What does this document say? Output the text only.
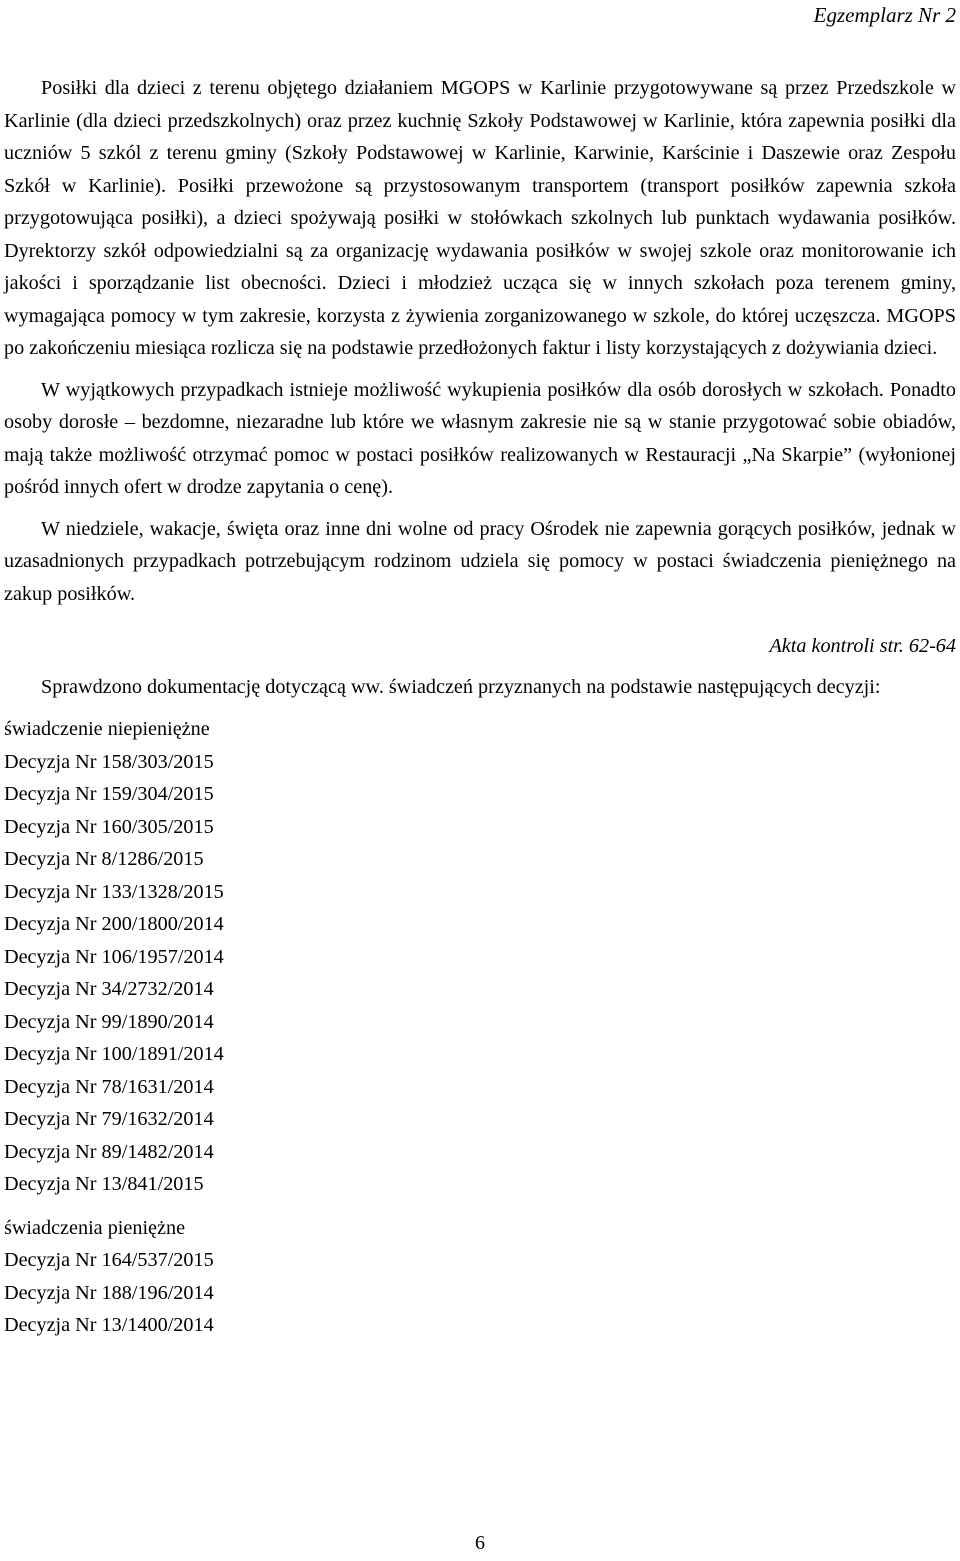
Egzemplarz Nr 2

Posiłki dla dzieci z terenu objętego działaniem MGOPS w Karlinie przygotowywane są przez Przedszkole w Karlinie (dla dzieci przedszkolnych) oraz przez kuchnię Szkoły Podstawowej w Karlinie, która zapewnia posiłki dla uczniów 5 szkól z terenu gminy (Szkoły Podstawowej w Karlinie, Karwinie, Karścinie i Daszewie oraz Zespołu Szkół w Karlinie). Posiłki przewożone są przystosowanym transportem (transport posiłków zapewnia szkoła przygotowująca posiłki), a dzieci spożywają posiłki w stołówkach szkolnych lub punktach wydawania posiłków. Dyrektorzy szkół odpowiedzialni są za organizację wydawania posiłków w swojej szkole oraz monitorowanie ich jakości i sporządzanie list obecności. Dzieci i młodzież ucząca się w innych szkołach poza terenem gminy, wymagająca pomocy w tym zakresie, korzysta z żywienia zorganizowanego w szkole, do której uczęszcza. MGOPS po zakończeniu miesiąca rozlicza się na podstawie przedłożonych faktur i listy korzystających z dożywiania dzieci.

W wyjątkowych przypadkach istnieje możliwość wykupienia posiłków dla osób dorosłych w szkołach. Ponadto osoby dorosłe – bezdomne, niezaradne lub które we własnym zakresie nie są w stanie przygotować sobie obiadów, mają także możliwość otrzymać pomoc w postaci posiłków realizowanych w Restauracji „Na Skarpie” (wyłonionej pośród innych ofert w drodze zapytania o cenę).

W niedziele, wakacje, święta oraz inne dni wolne od pracy Ośrodek nie zapewnia gorących posiłków, jednak w uzasadnionych przypadkach potrzebującym rodzinom udziela się pomocy w postaci świadczenia pieniężnego na zakup posiłków.

Akta kontroli str. 62-64

Sprawdzono dokumentację dotyczącą ww. świadczeń przyznanych na podstawie następujących decyzji:

świadczenie niepieniężne

Decyzja Nr 158/303/2015
Decyzja Nr 159/304/2015
Decyzja Nr 160/305/2015
Decyzja Nr 8/1286/2015
Decyzja Nr 133/1328/2015
Decyzja Nr 200/1800/2014
Decyzja Nr 106/1957/2014
Decyzja Nr 34/2732/2014
Decyzja Nr 99/1890/2014
Decyzja Nr 100/1891/2014
Decyzja Nr 78/1631/2014
Decyzja Nr 79/1632/2014
Decyzja Nr 89/1482/2014
Decyzja Nr 13/841/2015

świadczenia pieniężne

Decyzja Nr 164/537/2015
Decyzja Nr 188/196/2014
Decyzja Nr 13/1400/2014
6
